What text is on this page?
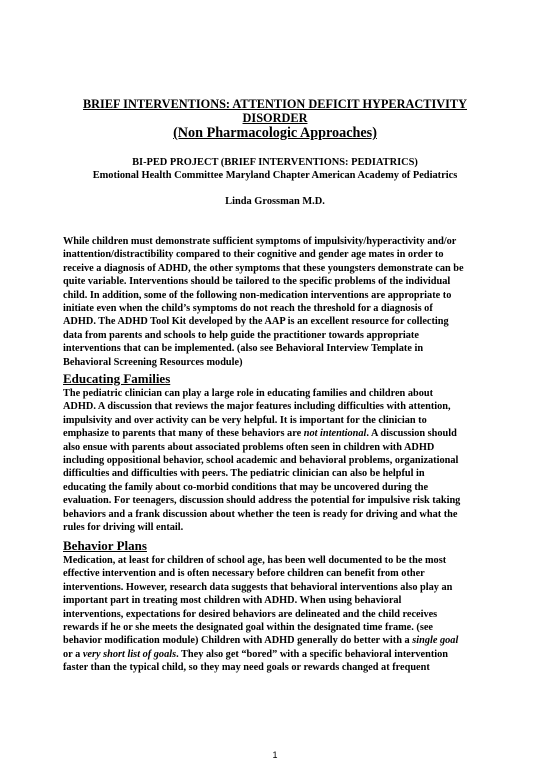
BRIEF INTERVENTIONS: ATTENTION DEFICIT HYPERACTIVITY
DISORDER
(Non Pharmacologic Approaches)
BI-PED PROJECT (BRIEF INTERVENTIONS: PEDIATRICS)
Emotional Health Committee Maryland Chapter American Academy of Pediatrics
Linda Grossman M.D.
While children must demonstrate sufficient symptoms of impulsivity/hyperactivity and/or
inattention/distractibility compared to their cognitive and gender age mates in order to
receive a diagnosis of ADHD, the other symptoms that these youngsters demonstrate can be
quite variable. Interventions should be tailored to the specific problems of the individual
child. In addition, some of the following non-medication interventions are appropriate to
initiate even when the child’s symptoms do not reach the threshold for a diagnosis of
ADHD. The ADHD Tool Kit developed by the AAP is an excellent resource for collecting
data from parents and schools to help guide the practitioner towards appropriate
interventions that can be implemented. (also see Behavioral Interview Template in
Behavioral Screening Resources module)
Educating Families
The pediatric clinician can play a large role in educating families and children about
ADHD. A discussion that reviews the major features including difficulties with attention,
impulsivity and over activity can be very helpful. It is important for the clinician to
emphasize to parents that many of these behaviors are not intentional. A discussion should
also ensue with parents about associated problems often seen in children with ADHD
including oppositional behavior, school academic and behavioral problems, organizational
difficulties and difficulties with peers. The pediatric clinician can also be helpful in
educating the family about co-morbid conditions that may be uncovered during the
evaluation. For teenagers, discussion should address the potential for impulsive risk taking
behaviors and a frank discussion about whether the teen is ready for driving and what the
rules for driving will entail.
Behavior Plans
Medication, at least for children of school age, has been well documented to be the most
effective intervention and is often necessary before children can benefit from other
interventions. However, research data suggests that behavioral interventions also play an
important part in treating most children with ADHD. When using behavioral
interventions, expectations for desired behaviors are delineated and the child receives
rewards if he or she meets the designated goal within the designated time frame. (see
behavior modification module) Children with ADHD generally do better with a single goal
or a very short list of goals. They also get “bored” with a specific behavioral intervention
faster than the typical child, so they may need goals or rewards changed at frequent
1
